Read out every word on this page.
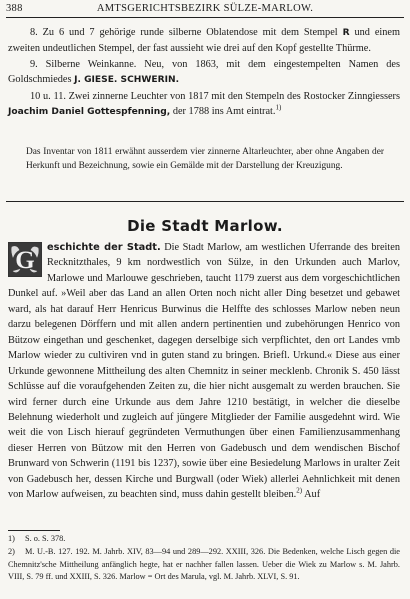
388	AMTSGERICHTSBEZIRK SÜLZE-MARLOW.

8. Zu 6 und 7 gehörige runde silberne Oblatendose mit dem Stempel R und einem zweiten undeutlichen Stempel, der fast aussieht wie drei auf den Kopf gestellte Thürme.

9. Silberne Weinkanne. Neu, von 1863, mit dem eingestempelten Namen des Goldschmiedes J. GIESE. SCHWERIN.

10 u. 11. Zwei zinnerne Leuchter von 1817 mit den Stempeln des Rostocker Zinngiessers Joachim Daniel Gottespfenning, der 1788 ins Amt eintrat.$^{1)}$

Das Inventar von 1811 erwähnt ausserdem vier zinnerne Altarleuchter, aber ohne Angaben der Herkunft und Bezeichnung, sowie ein Gemälde mit der Darstellung der Kreuzigung.
Die Stadt Marlow.
G eschichte der Stadt. Die Stadt Marlow, am westlichen Uferrande des breiten Recknitzthales, 9 km nordwestlich von Sülze, in den Urkunden auch Marlov, Marlowe und Marlouwe geschrieben, taucht 1179 zuerst aus dem vorgeschichtlichen Dunkel auf. »Weil aber das Land an allen Orten noch nicht aller Ding besetzet und gebawet ward, als hat darauf Herr Henricus Burwinus die Helffte des schlosses Marlow neben neun darzu belegenen Dörffern und mit allen andern pertinentien und zubehörungen Henrico von Bützow eingethan und geschenket, dagegen derselbige sich verpflichtet, den ort Landes vmb Marlow wieder zu cultiviren vnd in guten stand zu bringen. Briefl. Urkund.« Diese aus einer Urkunde gewonnene Mittheilung des alten Chemnitz in seiner mecklenb. Chronik S. 450 lässt Schlüsse auf die voraufgehenden Zeiten zu, die hier nicht ausgemalt zu werden brauchen. Sie wird ferner durch eine Urkunde aus dem Jahre 1210 bestätigt, in welcher die dieselbe Belehnung wiederholt und zugleich auf jüngere Mitglieder der Familie ausgedehnt wird. Wie weit die von Lisch hierauf gegründeten Vermuthungen über einen Familienzusammenhang dieser Herren von Bützow mit den Herren von Gadebusch und dem wendischen Bischof Brunward von Schwerin (1191 bis 1237), sowie über eine Besiedelung Marlows in uralter Zeit von Gadebusch her, dessen Kirche und Burgwall (oder Wiek) allerlei Aehnlichkeit mit denen von Marlow aufweisen, zu beachten sind, muss dahin gestellt bleiben.$^{2)}$ Auf
1) S. o. S. 378.
2) M. U.-B. 127. 192. M. Jahrb. XIV, 83—94 und 289—292. XXIII, 326. Die Bedenken, welche Lisch gegen die Chemnitz'sche Mittheilung anfänglich hegte, hat er nachher fallen lassen. Ueber die Wiek zu Marlow s. M. Jahrb. VIII, S. 79 ff. und XXIII, S. 326. Marlow = Ort des Marula, vgl. M. Jahrb. XLVI, S. 91.
